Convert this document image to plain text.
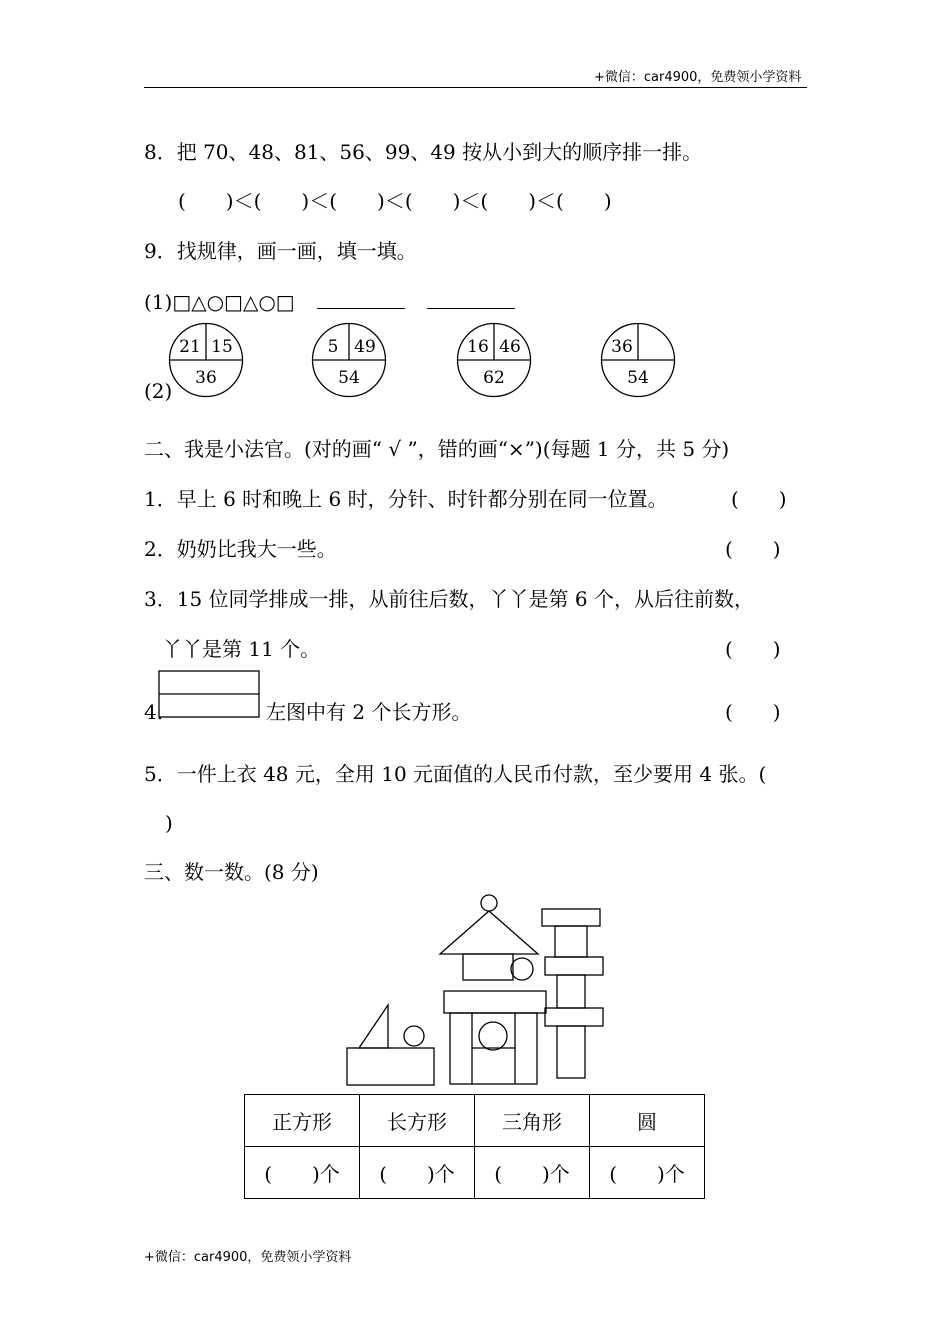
+微信：car4900，免费领小学资料
8．把 70、48、81、56、99、49 按从小到大的顺序排一排。
(　　)＜(　　)＜(　　)＜(　　)＜(　　)＜(　　)
9．找规律，画一画，填一填。
(1)□△○□△○□
(2)
21 15
36
5 49
54
16 46
62
36
54
二、我是小法官。(对的画“ √ ”，错的画“×”)(每题 1 分，共 5 分)
1．早上 6 时和晚上 6 时，分针、时针都分别在同一位置。	(　　)
2．奶奶比我大一些。	(　　)
3．15 位同学排成一排，从前往后数，丫丫是第 6 个，从后往前数，
丫丫是第 11 个。	(　　)
4.	左图中有 2 个长方形。	(　　)
5．一件上衣 48 元，全用 10 元面值的人民币付款，至少要用 4 张。(
)
三、数一数。(8 分)
正方形	长方形	三角形	圆
(　　)个	(　　)个	(　　)个	(　　)个
+微信：car4900，免费领小学资料
